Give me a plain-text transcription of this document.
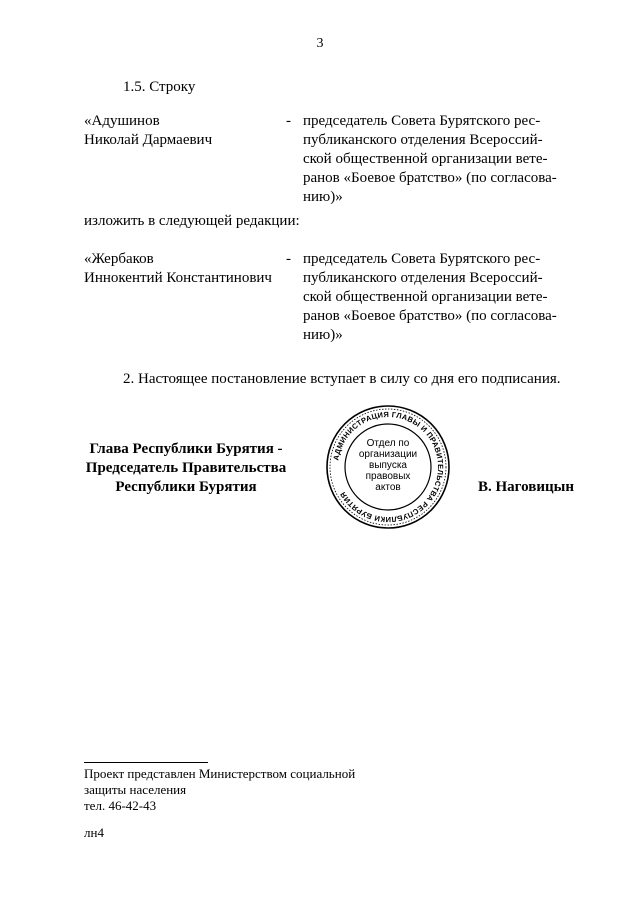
3
1.5. Строку
«Адушинов
Николай Дармаевич
- председатель Совета Бурятского рес-
публиканского отделения Всероссий-
ской общественной организации вете-
ранов «Боевое братство» (по согласова-
нию)»
изложить в следующей редакции:
«Жербаков
Иннокентий Константинович
- председатель Совета Бурятского рес-
публиканского отделения Всероссий-
ской общественной организации вете-
ранов «Боевое братство» (по согласова-
нию)»
2. Настоящее постановление вступает в силу со дня его подписания.
Глава Республики Бурятия -
Председатель Правительства
Республики Бурятия
АДМИНИСТРАЦИЯ ГЛАВЫ И ПРАВИТЕЛЬСТВА РЕСПУБЛИКИ БУРЯТИЯ
Отдел по
организации
выпуска
правовых
актов	В. Наговицын
Проект представлен Министерством социальной
защиты населения
тел. 46-42-43
лн4
